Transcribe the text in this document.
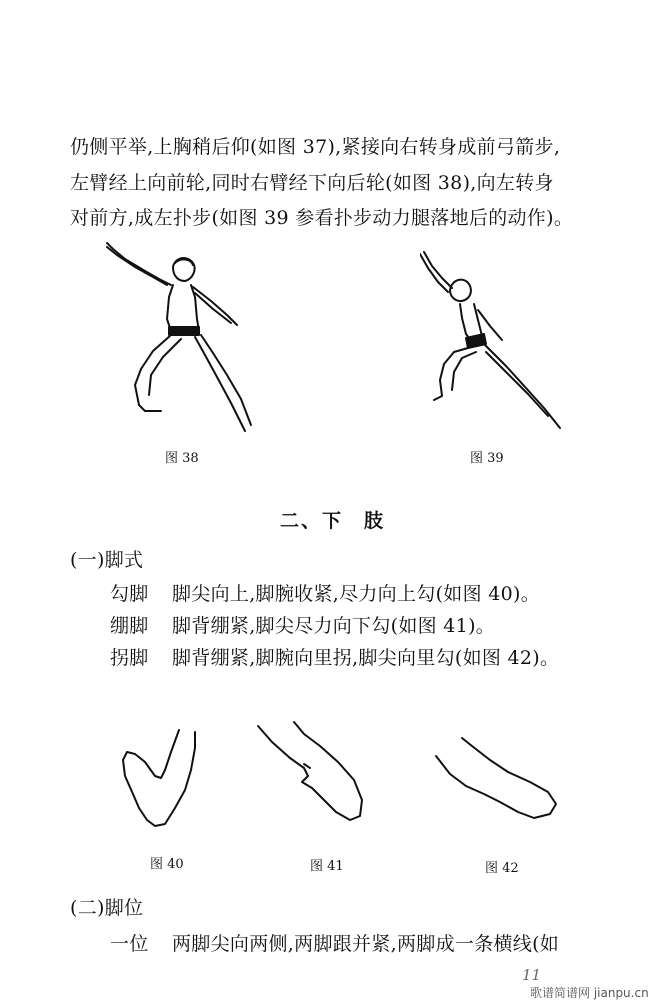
仍侧平举,上胸稍后仰(如图 37),紧接向右转身成前弓箭步,
左臂经上向前轮,同时右臂经下向后轮(如图 38),向左转身
对前方,成左扑步(如图 39 参看扑步动力腿落地后的动作)。
图 38	图 39
二、下　肢
(一)脚式
勾脚 脚尖向上,脚腕收紧,尽力向上勾(如图 40)。
绷脚 脚背绷紧,脚尖尽力向下勾(如图 41)。
拐脚 脚背绷紧,脚腕向里拐,脚尖向里勾(如图 42)。
图 40	图 41	图 42
(二)脚位
一位 两脚尖向两侧,两脚跟并紧,两脚成一条横线(如
11
歌谱简谱网 jianpu.cn
